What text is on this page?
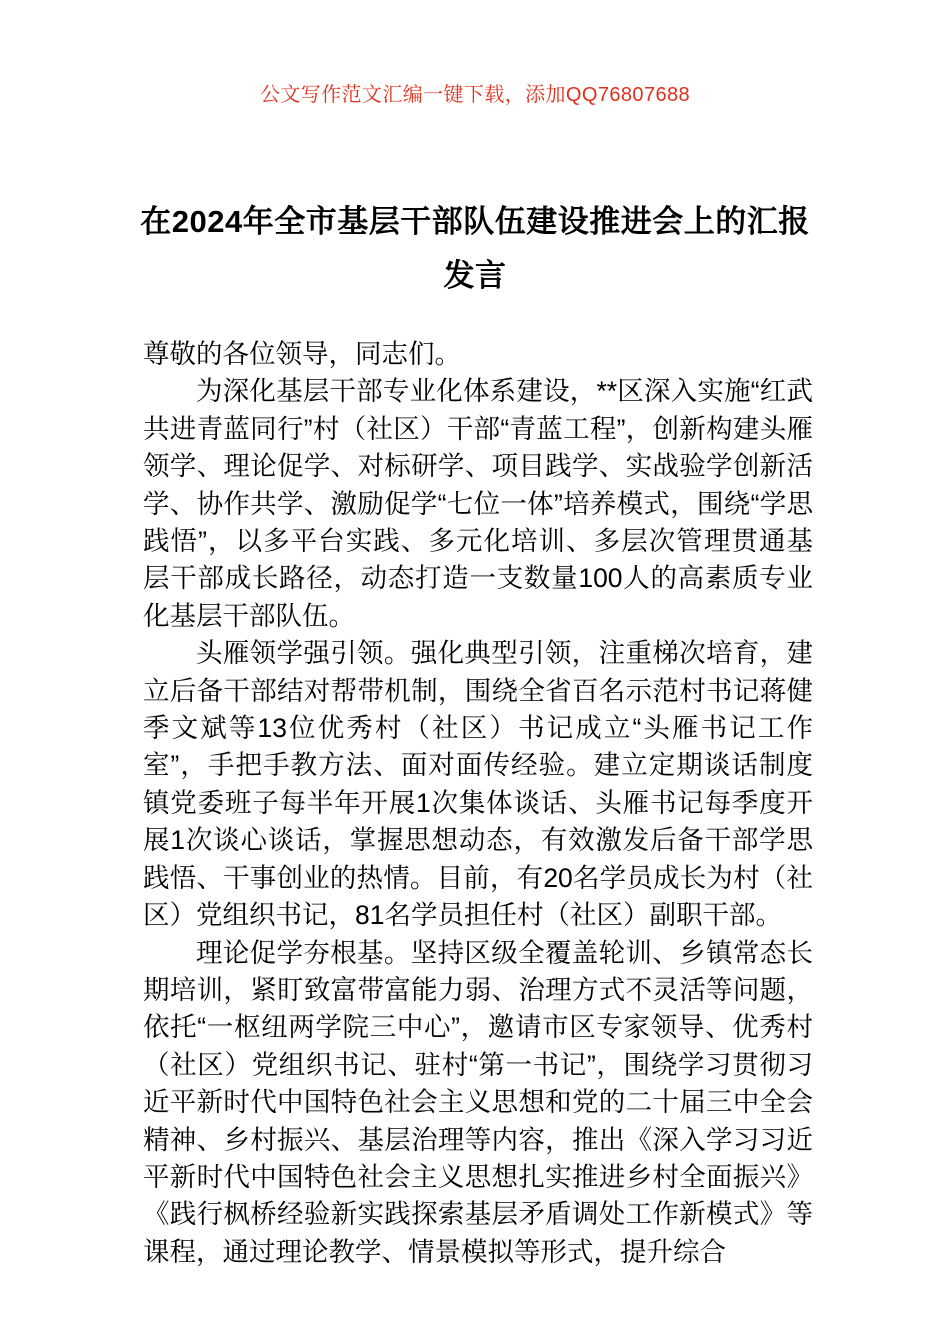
公文写作范文汇编一键下载，添加QQ76807688
在2024年全市基层干部队伍建设推进会上的汇报发言

尊敬的各位领导，同志们。

为深化基层干部专业化体系建设，**区深入实施“红武共进青蓝同行”村（社区）干部“青蓝工程”，创新构建头雁领学、理论促学、对标研学、项目践学、实战验学创新活学、协作共学、激励促学“七位一体”培养模式，围绕“学思践悟”，以多平台实践、多元化培训、多层次管理贯通基层干部成长路径，动态打造一支数量100人的高素质专业化基层干部队伍。

头雁领学强引领。强化典型引领，注重梯次培育，建立后备干部结对帮带机制，围绕全省百名示范村书记蒋健季文斌等13位优秀村（社区）书记成立“头雁书记工作室”，手把手教方法、面对面传经验。建立定期谈话制度镇党委班子每半年开展1次集体谈话、头雁书记每季度开展1次谈心谈话，掌握思想动态，有效激发后备干部学思践悟、干事创业的热情。目前，有20名学员成长为村（社区）党组织书记，81名学员担任村（社区）副职干部。

理论促学夯根基。坚持区级全覆盖轮训、乡镇常态长期培训，紧盯致富带富能力弱、治理方式不灵活等问题，依托“一枢纽两学院三中心”，邀请市区专家领导、优秀村（社区）党组织书记、驻村“第一书记”，围绕学习贯彻习近平新时代中国特色社会主义思想和党的二十届三中全会精神、乡村振兴、基层治理等内容，推出《深入学习习近平新时代中国特色社会主义思想扎实推进乡村全面振兴》《践行枫桥经验新实践探索基层矛盾调处工作新模式》等课程，通过理论教学、情景模拟等形式，提升综合
